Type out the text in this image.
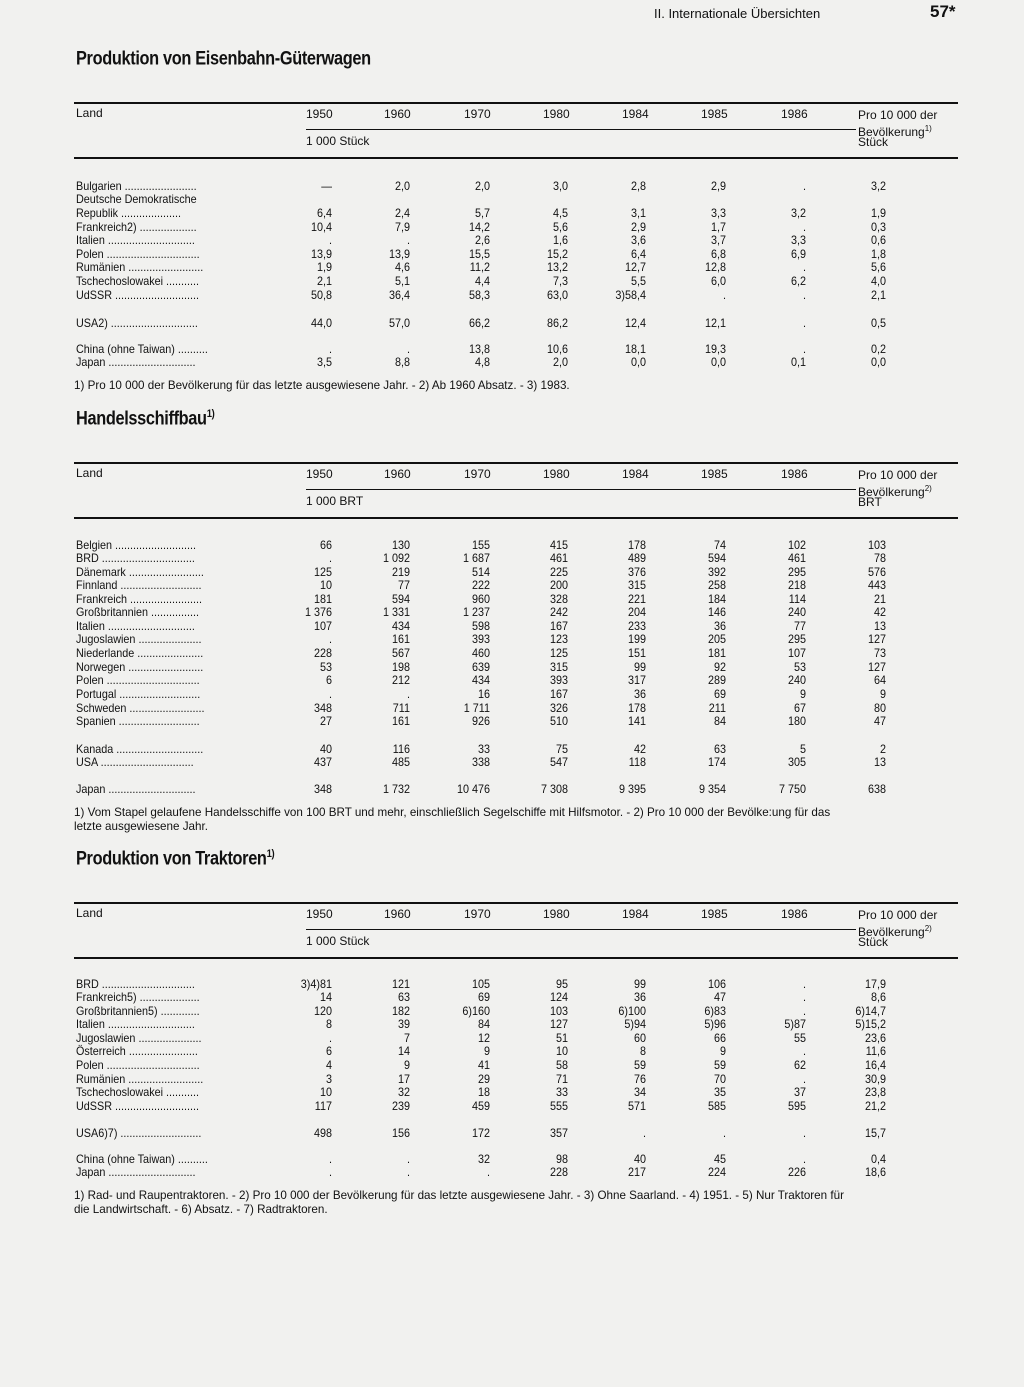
II. Internationale Übersichten	57*
Produktion von Eisenbahn-Güterwagen
Land	1950	1960	1970	1980	1984	1985	1986
1 000 Stück
Pro 10 000 der
Bevölkerung$^{1)}$
Stück
Bulgarien ........................	—	2,0	2,0	3,0	2,8	2,9	.	3,2
Deutsche Demokratische
Republik ....................	6,4	2,4	5,7	4,5	3,1	3,3	3,2	1,9
Frankreich2) ...................	10,4	7,9	14,2	5,6	2,9	1,7	.	0,3
Italien .............................	.	.	2,6	1,6	3,6	3,7	3,3	0,6
Polen ...............................	13,9	13,9	15,5	15,2	6,4	6,8	6,9	1,8
Rumänien .........................	1,9	4,6	11,2	13,2	12,7	12,8	.	5,6
Tschechoslowakei ...........	2,1	5,1	4,4	7,3	5,5	6,0	6,2	4,0
UdSSR ............................	50,8	36,4	58,3	63,0	3)58,4	.	.	2,1
USA2) .............................	44,0	57,0	66,2	86,2	12,4	12,1	.	0,5
China (ohne Taiwan) ..........	.	.	13,8	10,6	18,1	19,3	.	0,2
Japan .............................	3,5	8,8	4,8	2,0	0,0	0,0	0,1	0,0
1) Pro 10 000 der Bevölkerung für das letzte ausgewiesene Jahr. - 2) Ab 1960 Absatz. - 3) 1983.
Handelsschiffbau$^{1)}$
Land	1950	1960	1970	1980	1984	1985	1986
1 000 BRT
Pro 10 000 der
Bevölkerung$^{2)}$
BRT
Belgien ...........................	66	130	155	415	178	74	102	103
BRD ...............................	.	1 092	1 687	461	489	594	461	78
Dänemark .........................	125	219	514	225	376	392	295	576
Finnland ...........................	10	77	222	200	315	258	218	443
Frankreich ........................	181	594	960	328	221	184	114	21
Großbritannien ................	1 376	1 331	1 237	242	204	146	240	42
Italien .............................	107	434	598	167	233	36	77	13
Jugoslawien .....................	.	161	393	123	199	205	295	127
Niederlande ......................	228	567	460	125	151	181	107	73
Norwegen .........................	53	198	639	315	99	92	53	127
Polen ...............................	6	212	434	393	317	289	240	64
Portugal ...........................	.	.	16	167	36	69	9	9
Schweden .........................	348	711	1 711	326	178	211	67	80
Spanien ...........................	27	161	926	510	141	84	180	47
Kanada .............................	40	116	33	75	42	63	5	2
USA ...............................	437	485	338	547	118	174	305	13
Japan .............................	348	1 732	10 476	7 308	9 395	9 354	7 750	638
1) Vom Stapel gelaufene Handelsschiffe von 100 BRT und mehr, einschließlich Segelschiffe mit Hilfsmotor. - 2) Pro 10 000 der Bevölke:ung für das
letzte ausgewiesene Jahr.
Produktion von Traktoren$^{1)}$
Land	1950	1960	1970	1980	1984	1985	1986
1 000 Stück
Pro 10 000 der
Bevölkerung$^{2)}$
Stück
BRD ...............................	3)4)81	121	105	95	99	106	.	17,9
Frankreich5) ....................	14	63	69	124	36	47	.	8,6
Großbritannien5) .............	120	182	6)160	103	6)100	6)83	.	6)14,7
Italien .............................	8	39	84	127	5)94	5)96	5)87	5)15,2
Jugoslawien .....................	.	7	12	51	60	66	55	23,6
Österreich .......................	6	14	9	10	8	9	.	11,6
Polen ...............................	4	9	41	58	59	59	62	16,4
Rumänien .........................	3	17	29	71	76	70	.	30,9
Tschechoslowakei ...........	10	32	18	33	34	35	37	23,8
UdSSR ............................	117	239	459	555	571	585	595	21,2
USA6)7) ...........................	498	156	172	357	.	.	.	15,7
China (ohne Taiwan) ..........	.	.	32	98	40	45	.	0,4
Japan .............................	.	.	.	228	217	224	226	18,6
1) Rad- und Raupentraktoren. - 2) Pro 10 000 der Bevölkerung für das letzte ausgewiesene Jahr. - 3) Ohne Saarland. - 4) 1951. - 5) Nur Traktoren für
die Landwirtschaft. - 6) Absatz. - 7) Radtraktoren.
